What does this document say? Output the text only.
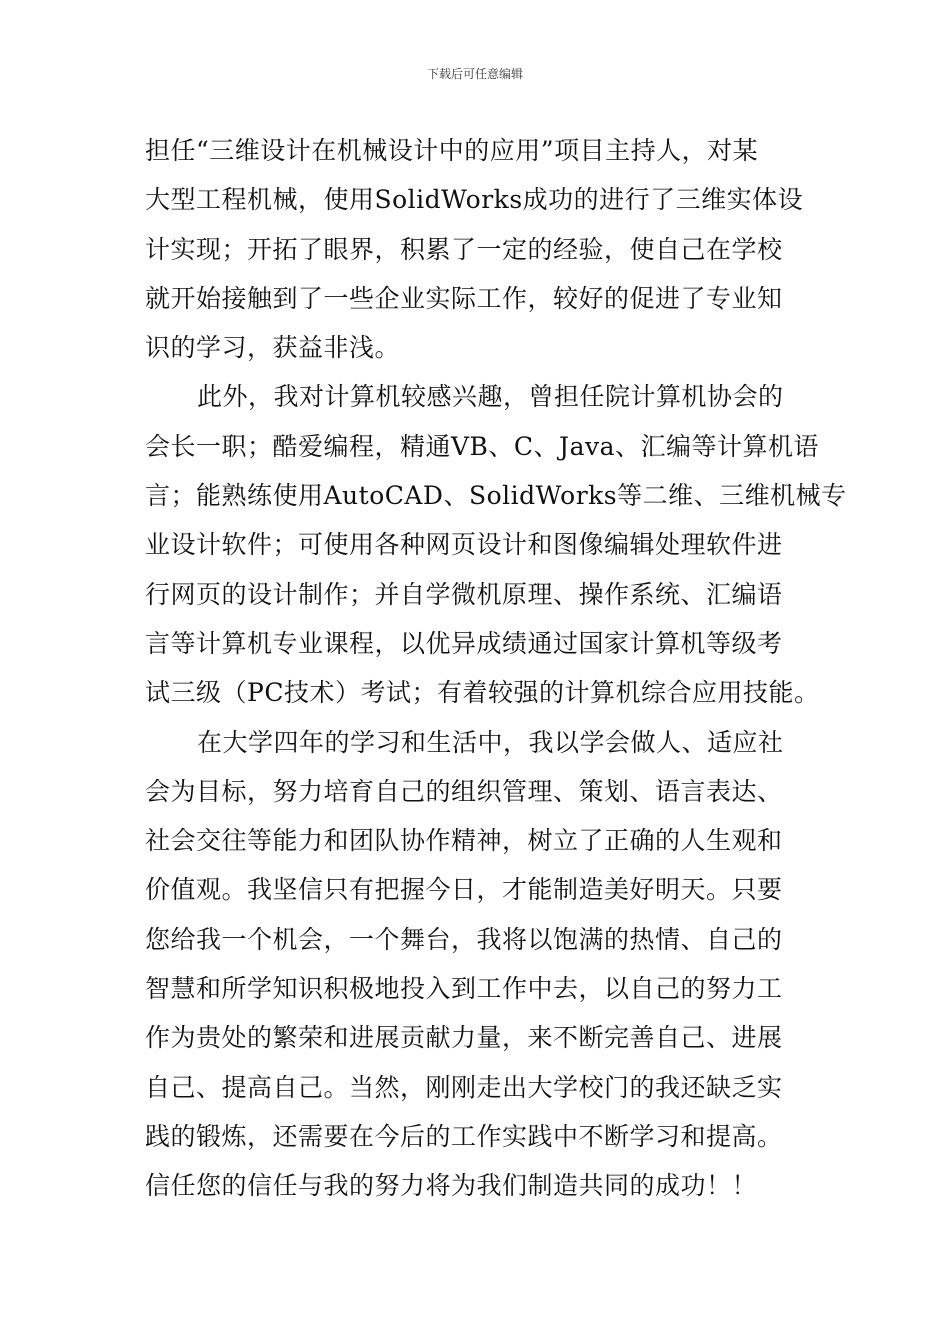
下载后可任意编辑
担任“三维设计在机械设计中的应用”项目主持人，对某
大型工程机械，使用SolidWorks成功的进行了三维实体设
计实现；开拓了眼界，积累了一定的经验，使自己在学校
就开始接触到了一些企业实际工作，较好的促进了专业知
识的学习，获益非浅。
此外，我对计算机较感兴趣，曾担任院计算机协会的
会长一职；酷爱编程，精通VB、C、Java、汇编等计算机语
言；能熟练使用AutoCAD、SolidWorks等二维、三维机械专
业设计软件；可使用各种网页设计和图像编辑处理软件进
行网页的设计制作；并自学微机原理、操作系统、汇编语
言等计算机专业课程，以优异成绩通过国家计算机等级考
试三级（PC技术）考试；有着较强的计算机综合应用技能。
在大学四年的学习和生活中，我以学会做人、适应社
会为目标，努力培育自己的组织管理、策划、语言表达、
社会交往等能力和团队协作精神，树立了正确的人生观和
价值观。我坚信只有把握今日，才能制造美好明天。只要
您给我一个机会，一个舞台，我将以饱满的热情、自己的
智慧和所学知识积极地投入到工作中去，以自己的努力工
作为贵处的繁荣和进展贡献力量，来不断完善自己、进展
自己、提高自己。当然，刚刚走出大学校门的我还缺乏实
践的锻炼，还需要在今后的工作实践中不断学习和提高。
信任您的信任与我的努力将为我们制造共同的成功！！
